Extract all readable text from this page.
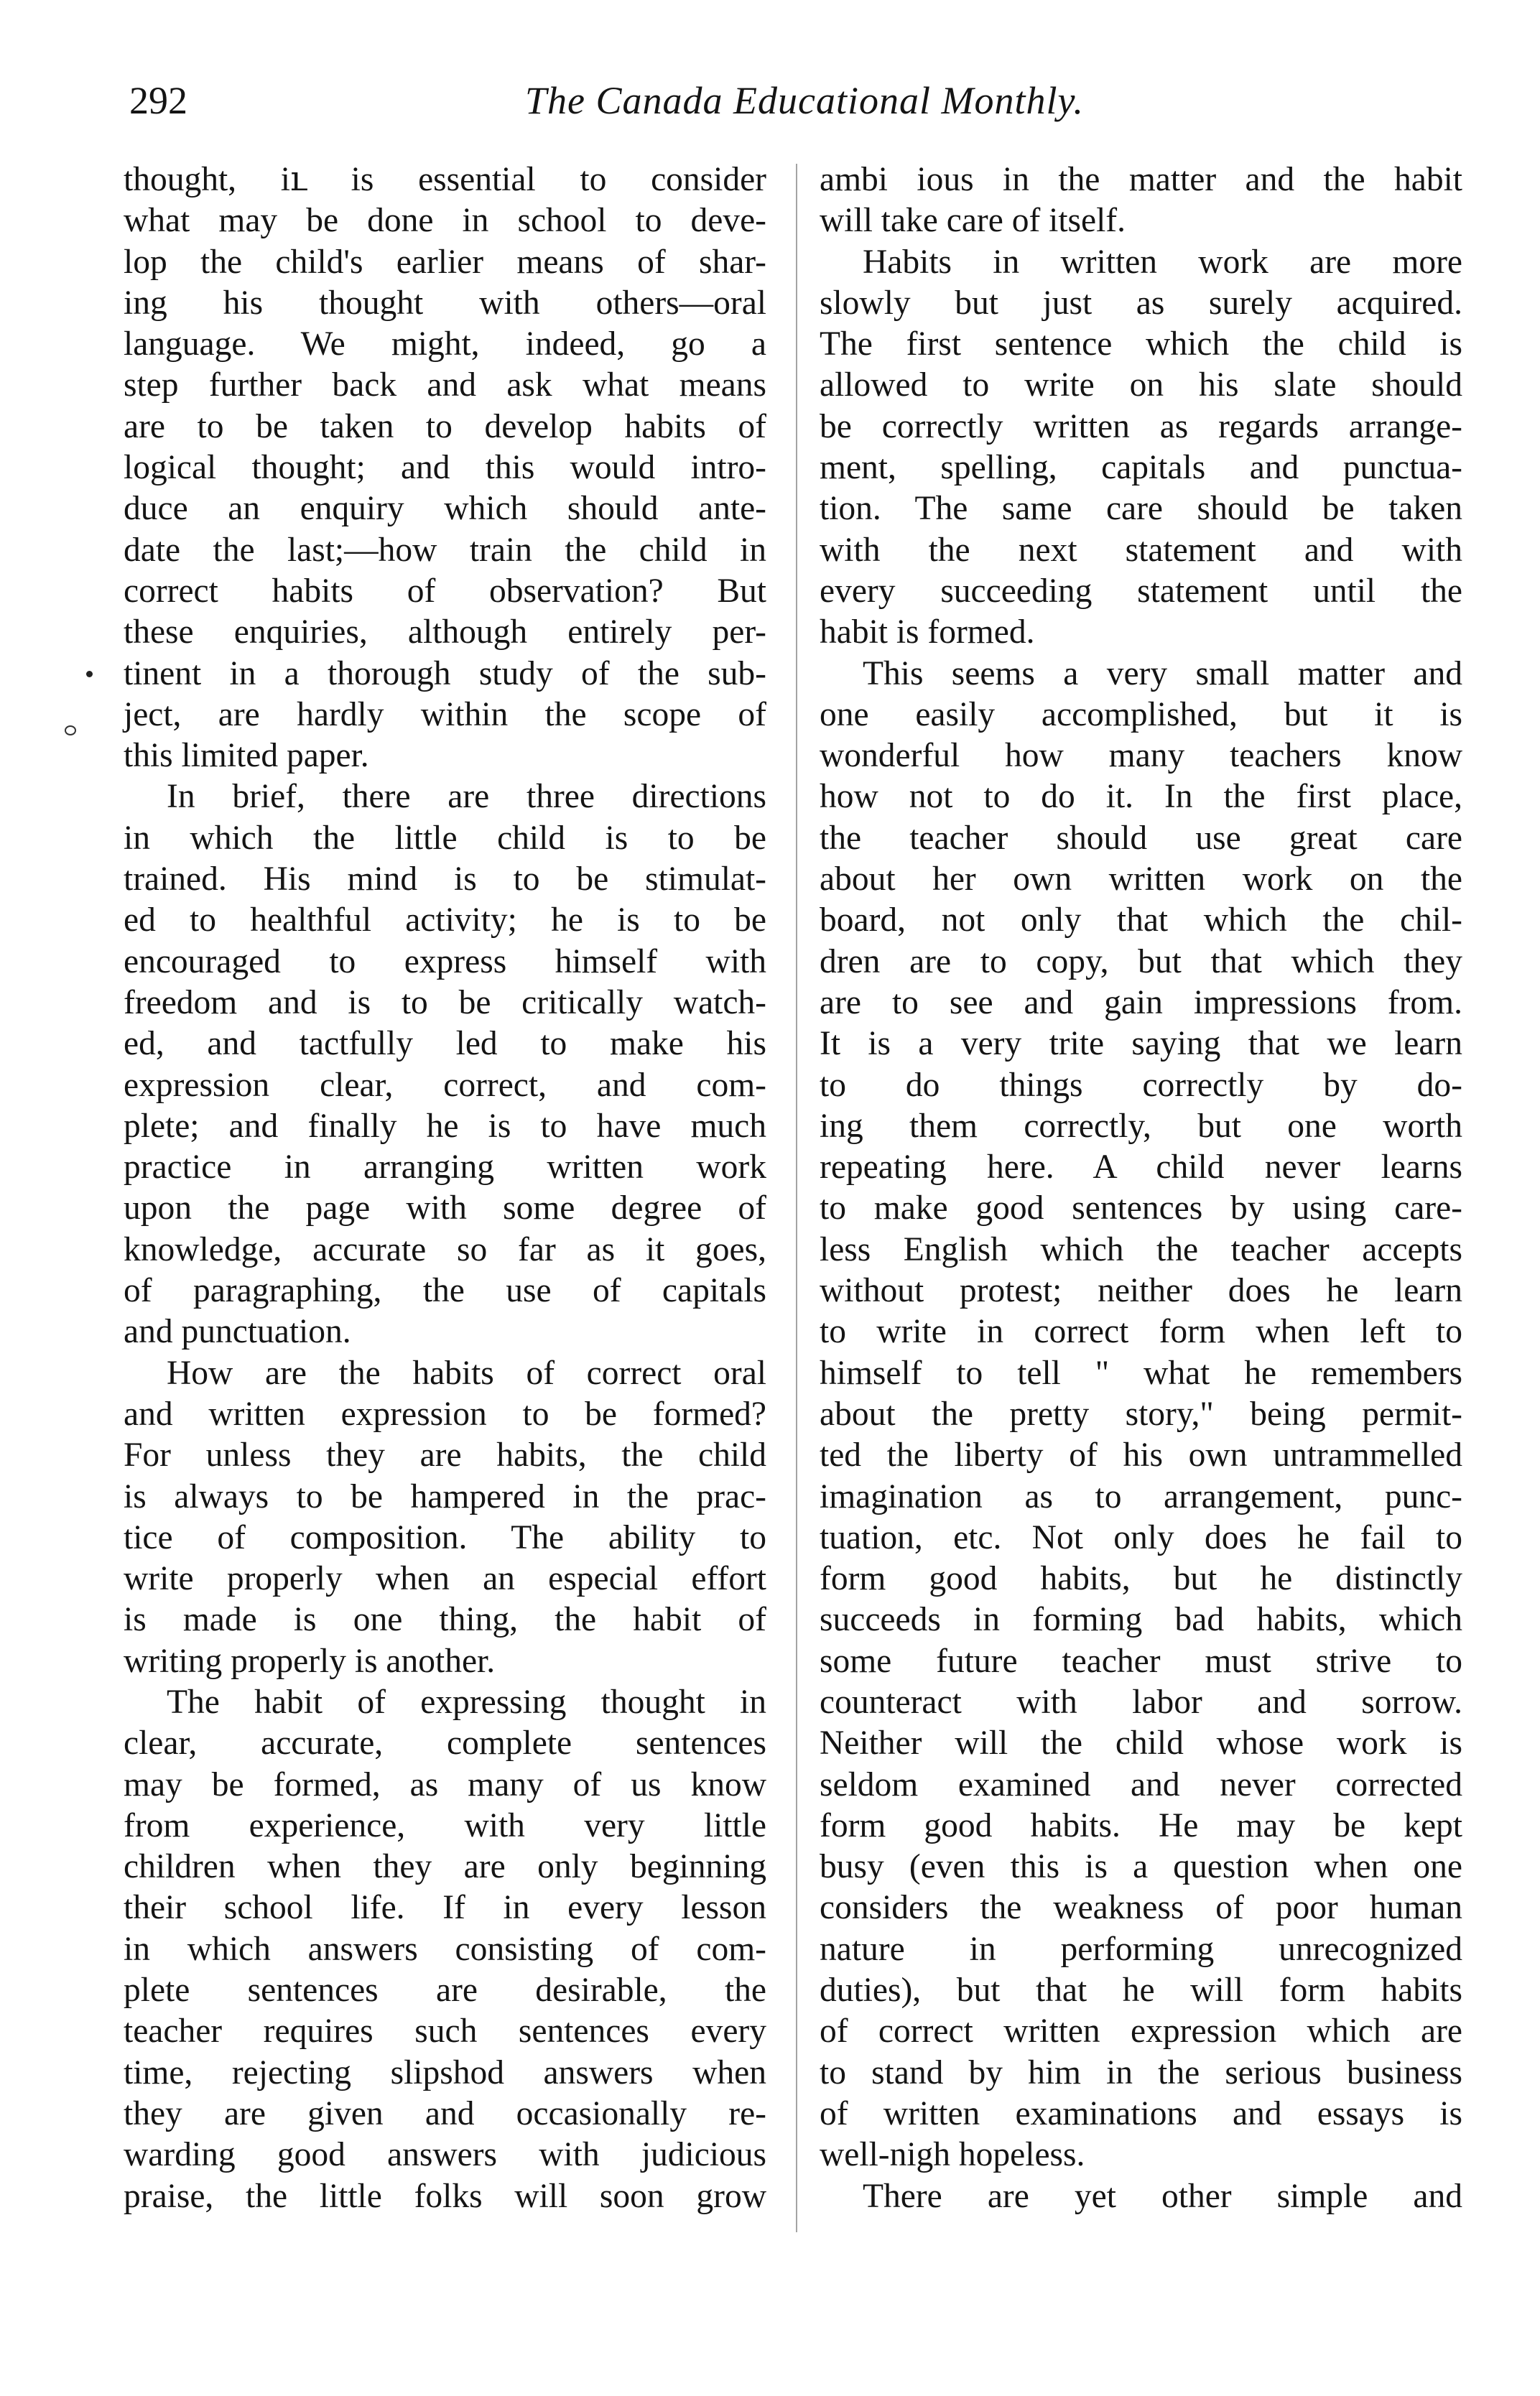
292	The Canada Educational Monthly.
thought, iւ is essential to consider
what may be done in school to deve-
lop the child's earlier means of shar-
ing his thought with others—oral
language. We might, indeed, go a
step further back and ask what means
are to be taken to develop habits of
logical thought; and this would intro-
duce an enquiry which should ante-
date the last;—how train the child in
correct habits of observation? But
these enquiries, although entirely per-
tinent in a thorough study of the sub-
ject, are hardly within the scope of
this limited paper.
In brief, there are three directions
in which the little child is to be
trained. His mind is to be stimulat-
ed to healthful activity; he is to be
encouraged to express himself with
freedom and is to be critically watch-
ed, and tactfully led to make his
expression clear, correct, and com-
plete; and finally he is to have much
practice in arranging written work
upon the page with some degree of
knowledge, accurate so far as it goes,
of paragraphing, the use of capitals
and punctuation.
How are the habits of correct oral
and written expression to be formed?
For unless they are habits, the child
is always to be hampered in the prac-
tice of composition. The ability to
write properly when an especial effort
is made is one thing, the habit of
writing properly is another.
The habit of expressing thought in
clear, accurate, complete sentences
may be formed, as many of us know
from experience, with very little
children when they are only beginning
their school life. If in every lesson
in which answers consisting of com-
plete sentences are desirable, the
teacher requires such sentences every
time, rejecting slipshod answers when
they are given and occasionally re-
warding good answers with judicious
praise, the little folks will soon grow
ambi ious in the matter and the habit
will take care of itself.
Habits in written work are more
slowly but just as surely acquired.
The first sentence which the child is
allowed to write on his slate should
be correctly written as regards arrange-
ment, spelling, capitals and punctua-
tion. The same care should be taken
with the next statement and with
every succeeding statement until the
habit is formed.
This seems a very small matter and
one easily accomplished, but it is
wonderful how many teachers know
how not to do it. In the first place,
the teacher should use great care
about her own written work on the
board, not only that which the chil-
dren are to copy, but that which they
are to see and gain impressions from.
It is a very trite saying that we learn
to do things correctly by do-
ing them correctly, but one worth
repeating here. A child never learns
to make good sentences by using care-
less English which the teacher accepts
without protest; neither does he learn
to write in correct form when left to
himself to tell " what he remembers
about the pretty story," being permit-
ted the liberty of his own untrammelled
imagination as to arrangement, punc-
tuation, etc. Not only does he fail to
form good habits, but he distinctly
succeeds in forming bad habits, which
some future teacher must strive to
counteract with labor and sorrow.
Neither will the child whose work is
seldom examined and never corrected
form good habits. He may be kept
busy (even this is a question when one
considers the weakness of poor human
nature in performing unrecognized
duties), but that he will form habits
of correct written expression which are
to stand by him in the serious business
of written examinations and essays is
well-nigh hopeless.
There are yet other simple and
